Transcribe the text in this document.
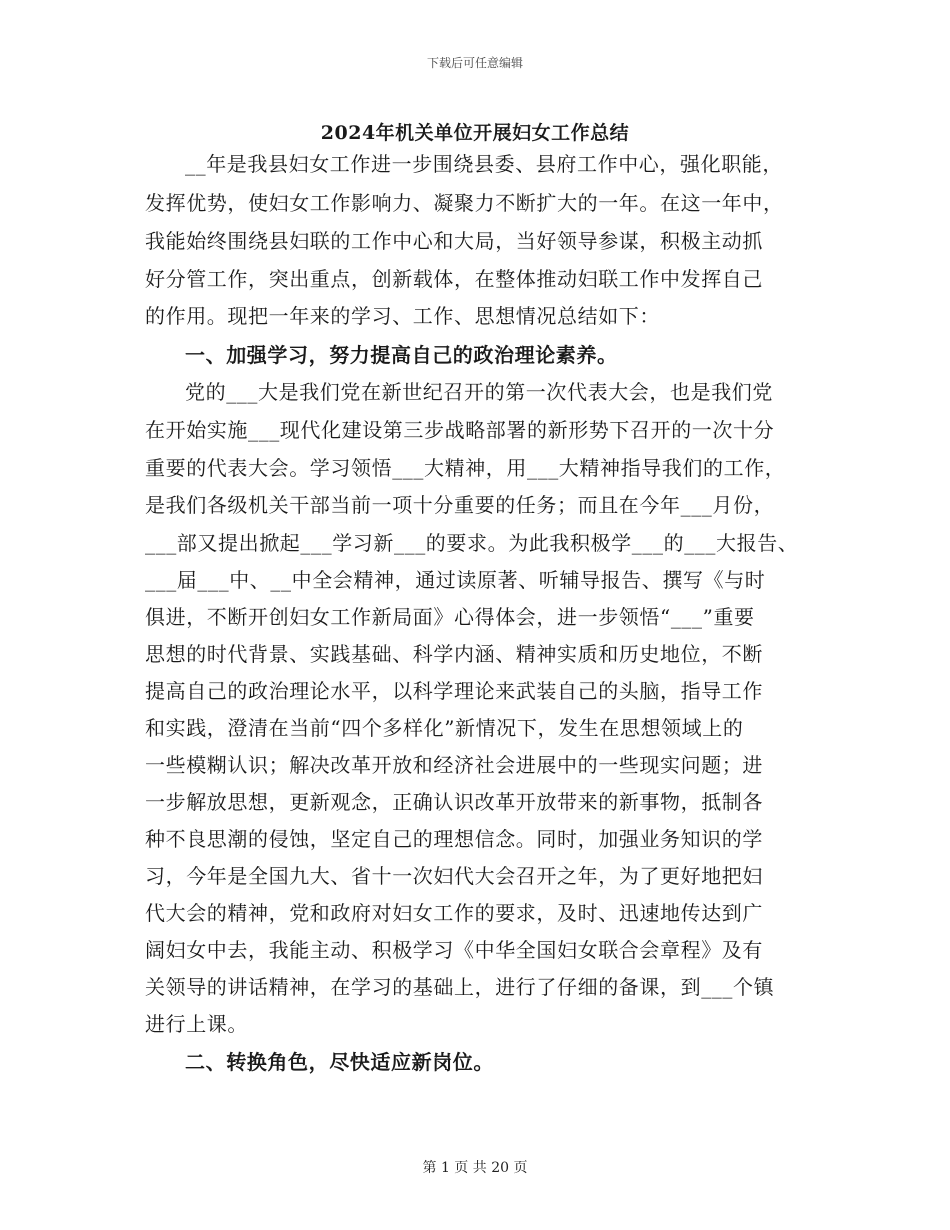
下载后可任意编辑
2024年机关单位开展妇女工作总结
__年是我县妇女工作进一步围绕县委、县府工作中心，强化职能，
发挥优势，使妇女工作影响力、凝聚力不断扩大的一年。在这一年中，
我能始终围绕县妇联的工作中心和大局，当好领导参谋，积极主动抓
好分管工作，突出重点，创新载体，在整体推动妇联工作中发挥自己
的作用。现把一年来的学习、工作、思想情况总结如下：
一、加强学习，努力提高自己的政治理论素养。
党的___大是我们党在新世纪召开的第一次代表大会，也是我们党
在开始实施___现代化建设第三步战略部署的新形势下召开的一次十分
重要的代表大会。学习领悟___大精神，用___大精神指导我们的工作，
是我们各级机关干部当前一项十分重要的任务；而且在今年___月份，
___部又提出掀起___学习新___的要求。为此我积极学___的___大报告、
___届___中、__中全会精神，通过读原著、听辅导报告、撰写《与时
俱进，不断开创妇女工作新局面》心得体会，进一步领悟“___”重要
思想的时代背景、实践基础、科学内涵、精神实质和历史地位，不断
提高自己的政治理论水平，以科学理论来武装自己的头脑，指导工作
和实践，澄清在当前“四个多样化”新情况下，发生在思想领域上的
一些模糊认识；解决改革开放和经济社会进展中的一些现实问题；进
一步解放思想，更新观念，正确认识改革开放带来的新事物，抵制各
种不良思潮的侵蚀，坚定自己的理想信念。同时，加强业务知识的学
习，今年是全国九大、省十一次妇代大会召开之年，为了更好地把妇
代大会的精神，党和政府对妇女工作的要求，及时、迅速地传达到广
阔妇女中去，我能主动、积极学习《中华全国妇女联合会章程》及有
关领导的讲话精神，在学习的基础上，进行了仔细的备课，到___个镇
进行上课。
二、转换角色，尽快适应新岗位。
第 1 页 共 20 页
